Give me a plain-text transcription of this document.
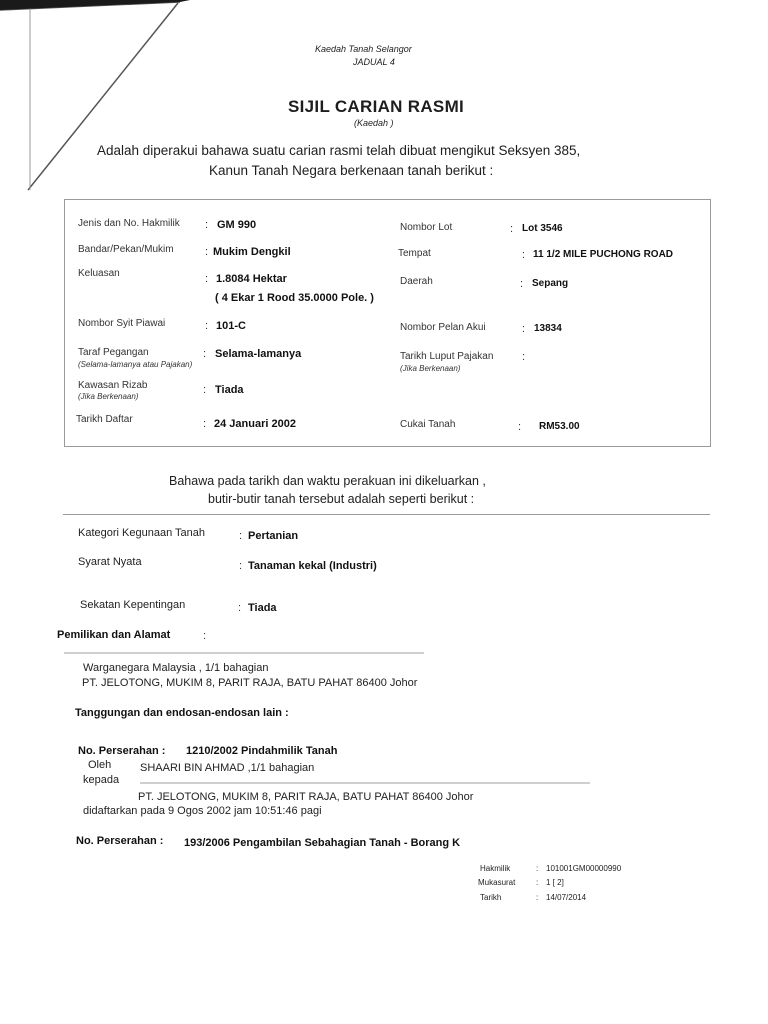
Kaedah Tanah Selangor
JADUAL 4
SIJIL CARIAN RASMI
(Kaedah )
Adalah diperakui bahawa suatu carian rasmi telah dibuat mengikut Seksyen 385,
Kanun Tanah Negara berkenaan tanah berikut :
Jenis dan No. Hakmilik : GM 990	Nombor Lot	: Lot 3546
Bandar/Pekan/Mukim	: Mukim Dengkil	Tempat	: 11 1/2 MILE PUCHONG ROAD
Keluasan	: 1.8084 Hektar
( 4 Ekar 1 Rood 35.0000 Pole. )
Daerah	: Sepang
Nombor Syit Piawai	: 101-C	Nombor Pelan Akui	: 13834
Taraf Pegangan
(Selama-lamanya atau Pajakan)
: Selama-lamanya	Tarikh Luput Pajakan
(Jika Berkenaan)
:
Kawasan Rizab
(Jika Berkenaan)
: Tiada
Tarikh Daftar	: 24 Januari 2002	Cukai Tanah	: RM53.00
Bahawa pada tarikh dan waktu perakuan ini dikeluarkan ,
butir-butir tanah tersebut adalah seperti berikut :
Kategori Kegunaan Tanah	: Pertanian
Syarat Nyata	: Tanaman kekal (Industri)
Sekatan Kepentingan	: Tiada
Pemilikan dan Alamat	:
Warganegara Malaysia , 1/1 bahagian
PT. JELOTONG, MUKIM 8, PARIT RAJA, BATU PAHAT 86400 Johor
Tanggungan dan endosan-endosan lain :
No. Perserahan : 1210/2002 Pindahmilik Tanah
Oleh	SHAARI BIN AHMAD ,1/1 bahagian
kepada
PT. JELOTONG, MUKIM 8, PARIT RAJA, BATU PAHAT 86400 Johor
didaftarkan pada 9 Ogos 2002 jam 10:51:46 pagi
No. Perserahan : 193/2006 Pengambilan Sebahagian Tanah - Borang K
Hakmilik	: 101001GM00000990
Mukasurat	: 1 [ 2]
Tarikh	: 14/07/2014
